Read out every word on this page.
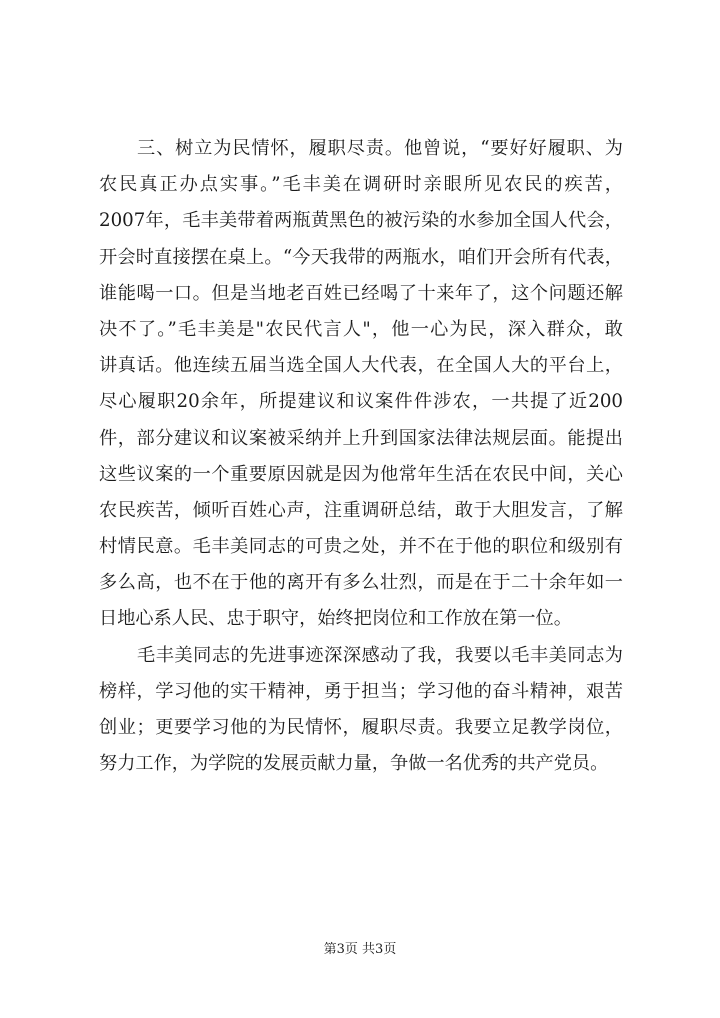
三、树立为民情怀，履职尽责。他曾说，“要好好履职、为
农民真正办点实事。”毛丰美在调研时亲眼所见农民的疾苦，
2007年，毛丰美带着两瓶黄黑色的被污染的水参加全国人代会，
开会时直接摆在桌上。“今天我带的两瓶水，咱们开会所有代表，
谁能喝一口。但是当地老百姓已经喝了十来年了，这个问题还解
决不了。”毛丰美是"农民代言人"，他一心为民，深入群众，敢
讲真话。他连续五届当选全国人大代表，在全国人大的平台上，
尽心履职20余年，所提建议和议案件件涉农，一共提了近200
件，部分建议和议案被采纳并上升到国家法律法规层面。能提出
这些议案的一个重要原因就是因为他常年生活在农民中间，关心
农民疾苦，倾听百姓心声，注重调研总结，敢于大胆发言，了解
村情民意。毛丰美同志的可贵之处，并不在于他的职位和级别有
多么高，也不在于他的离开有多么壮烈，而是在于二十余年如一
日地心系人民、忠于职守，始终把岗位和工作放在第一位。
毛丰美同志的先进事迹深深感动了我，我要以毛丰美同志为
榜样，学习他的实干精神，勇于担当；学习他的奋斗精神，艰苦
创业；更要学习他的为民情怀，履职尽责。我要立足教学岗位，
努力工作，为学院的发展贡献力量，争做一名优秀的共产党员。
第3页 共3页
